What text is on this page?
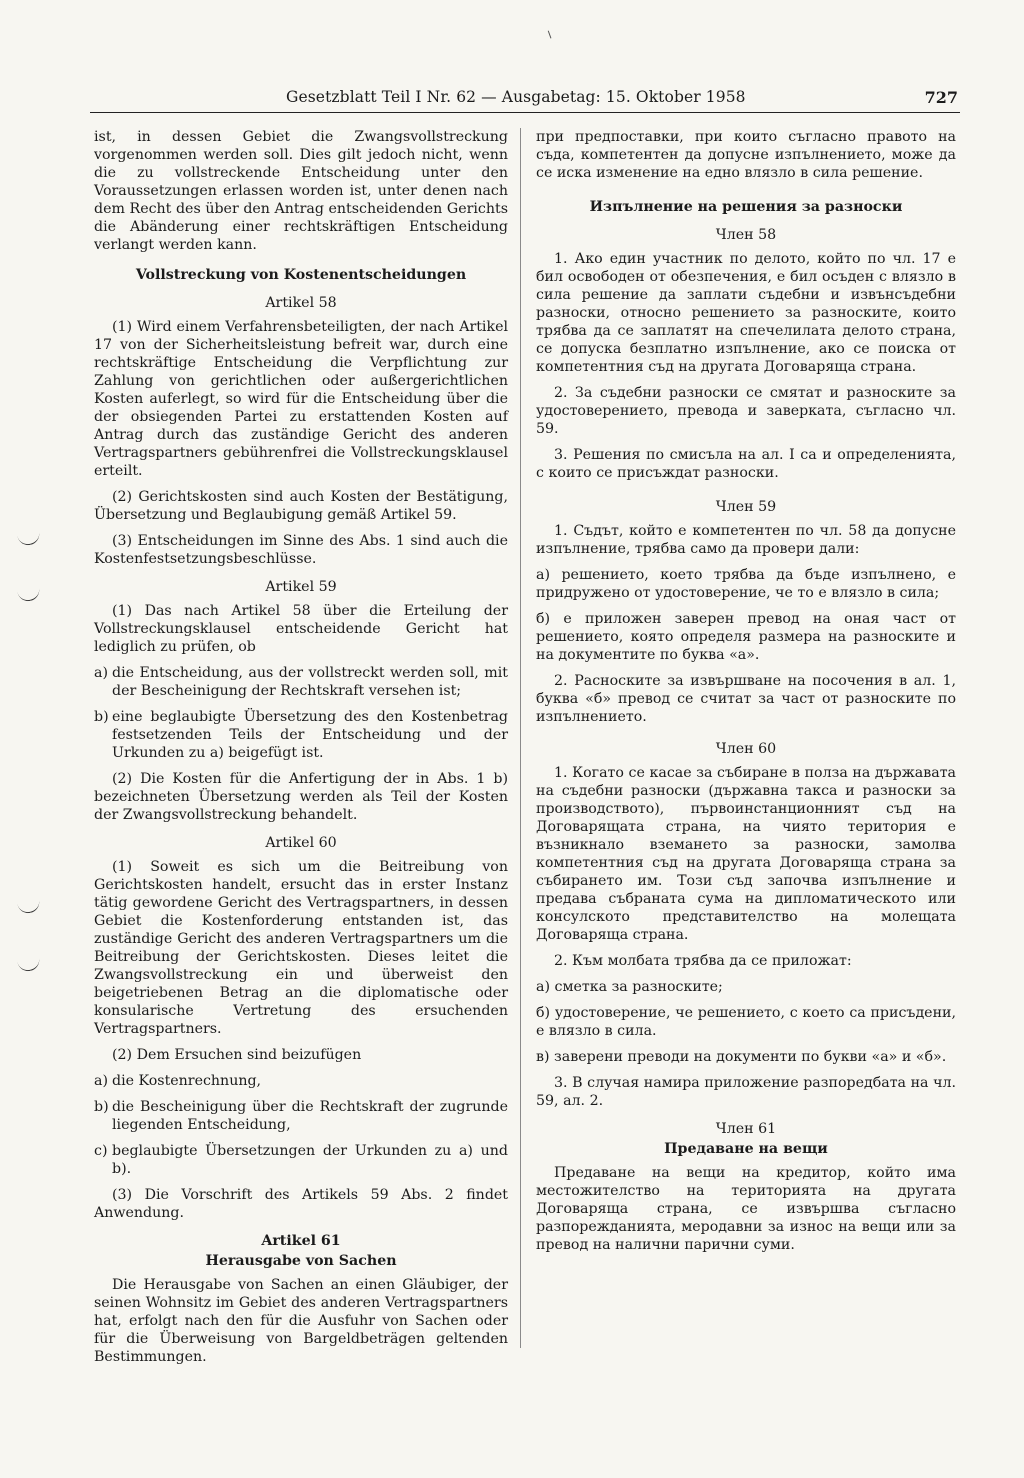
Gesetzblatt Teil I Nr. 62 — Ausgabetag: 15. Oktober 1958	727

ist, in dessen Gebiet die Zwangsvollstreckung vorgenommen werden soll. Dies gilt jedoch nicht, wenn die zu vollstreckende Entscheidung unter den Voraussetzungen erlassen worden ist, unter denen nach dem Recht des über den Antrag entscheidenden Gerichts die Abänderung einer rechtskräftigen Entscheidung verlangt werden kann.

Vollstreckung von Kostenentscheidungen
Artikel 58

(1) Wird einem Verfahrensbeteiligten, der nach Artikel 17 von der Sicherheitsleistung befreit war, durch eine rechtskräftige Entscheidung die Verpflichtung zur Zahlung von gerichtlichen oder außergerichtlichen Kosten auferlegt, so wird für die Entscheidung über die der obsiegenden Partei zu erstattenden Kosten auf Antrag durch das zuständige Gericht des anderen Vertragspartners gebührenfrei die Vollstreckungsklausel erteilt.

(2) Gerichtskosten sind auch Kosten der Bestätigung, Übersetzung und Beglaubigung gemäß Artikel 59.

(3) Entscheidungen im Sinne des Abs. 1 sind auch die Kostenfestsetzungsbeschlüsse.

Artikel 59

(1) Das nach Artikel 58 über die Erteilung der Vollstreckungsklausel entscheidende Gericht hat lediglich zu prüfen, ob

a) die Entscheidung, aus der vollstreckt werden soll, mit der Bescheinigung der Rechtskraft versehen ist;
b) eine beglaubigte Übersetzung des den Kostenbetrag festsetzenden Teils der Entscheidung und der Urkunden zu a) beigefügt ist.

(2) Die Kosten für die Anfertigung der in Abs. 1 b) bezeichneten Übersetzung werden als Teil der Kosten der Zwangsvollstreckung behandelt.

Artikel 60

(1) Soweit es sich um die Beitreibung von Gerichtskosten handelt, ersucht das in erster Instanz tätig gewordene Gericht des Vertragspartners, in dessen Gebiet die Kostenforderung entstanden ist, das zuständige Gericht des anderen Vertragspartners um die Beitreibung der Gerichtskosten. Dieses leitet die Zwangsvollstreckung ein und überweist den beigetriebenen Betrag an die diplomatische oder konsularische Vertretung des ersuchenden Vertragspartners.

(2) Dem Ersuchen sind beizufügen

a) die Kostenrechnung,
b) die Bescheinigung über die Rechtskraft der zugrunde liegenden Entscheidung,
c) beglaubigte Übersetzungen der Urkunden zu a) und b).

(3) Die Vorschrift des Artikels 59 Abs. 2 findet Anwendung.

Artikel 61
Herausgabe von Sachen

Die Herausgabe von Sachen an einen Gläubiger, der seinen Wohnsitz im Gebiet des anderen Vertragspartners hat, erfolgt nach den für die Ausfuhr von Sachen oder für die Überweisung von Bargeldbeträgen geltenden Bestimmungen.

при предпоставки, при които съгласно правото на съда, компетентен да допусне изпълнението, може да се иска изменение на едно влязло в сила решение.

Изпълнение на решения за разноски
Член 58

1. Ако един участник по делото, който по чл. 17 е бил освободен от обезпечения, е бил осъден с влязло в сила решение да заплати съдебни и извънсъдебни разноски, относно решението за разноските, които трябва да се заплатят на спечелилата делото страна, се допуска безплатно изпълнение, ако се поиска от компетентния съд на другата Договаряща страна.

2. За съдебни разноски се смятат и разноските за удостоверението, превода и заверката, съгласно чл. 59.

3. Решения по смисъла на ал. I са и определенията, с които се присъждат разноски.

Член 59

1. Съдът, който е компетентен по чл. 58 да допусне изпълнение, трябва само да провери дали:

а) решението, което трябва да бъде изпълнено, е придружено от удостоверение, че то е влязло в сила;

б) е приложен заверен превод на оная част от решението, която определя размера на разноските и на документите по буква «а».

2. Расноските за извършване на посочения в ал. 1, буква «б» превод се считат за част от разноските по изпълнението.

Член 60

1. Когато се касае за събиране в полза на държавата на съдебни разноски (държавна такса и разноски за производството), първоинстанционният съд на Договарящата страна, на чиято територия е възникнало вземането за разноски, замолва компетентния съд на другата Договаряща страна за събирането им. Този съд започва изпълнение и предава събраната сума на дипломатическото или консулското представителство на молещата Договаряща страна.

2. Към молбата трябва да се приложат:

а) сметка за разноските;

б) удостоверение, че решението, с което са присъдени, е влязло в сила.

в) заверени преводи на документи по букви «а» и «б».

3. В случая намира приложение разпоредбата на чл. 59, ал. 2.

Член 61
Предаване на вещи

Предаване на вещи на кредитор, който има местожителство на територията на другата Договаряща страна, се извършва съгласно разпорежданията, меродавни за износ на вещи или за превод на налични парични суми.
